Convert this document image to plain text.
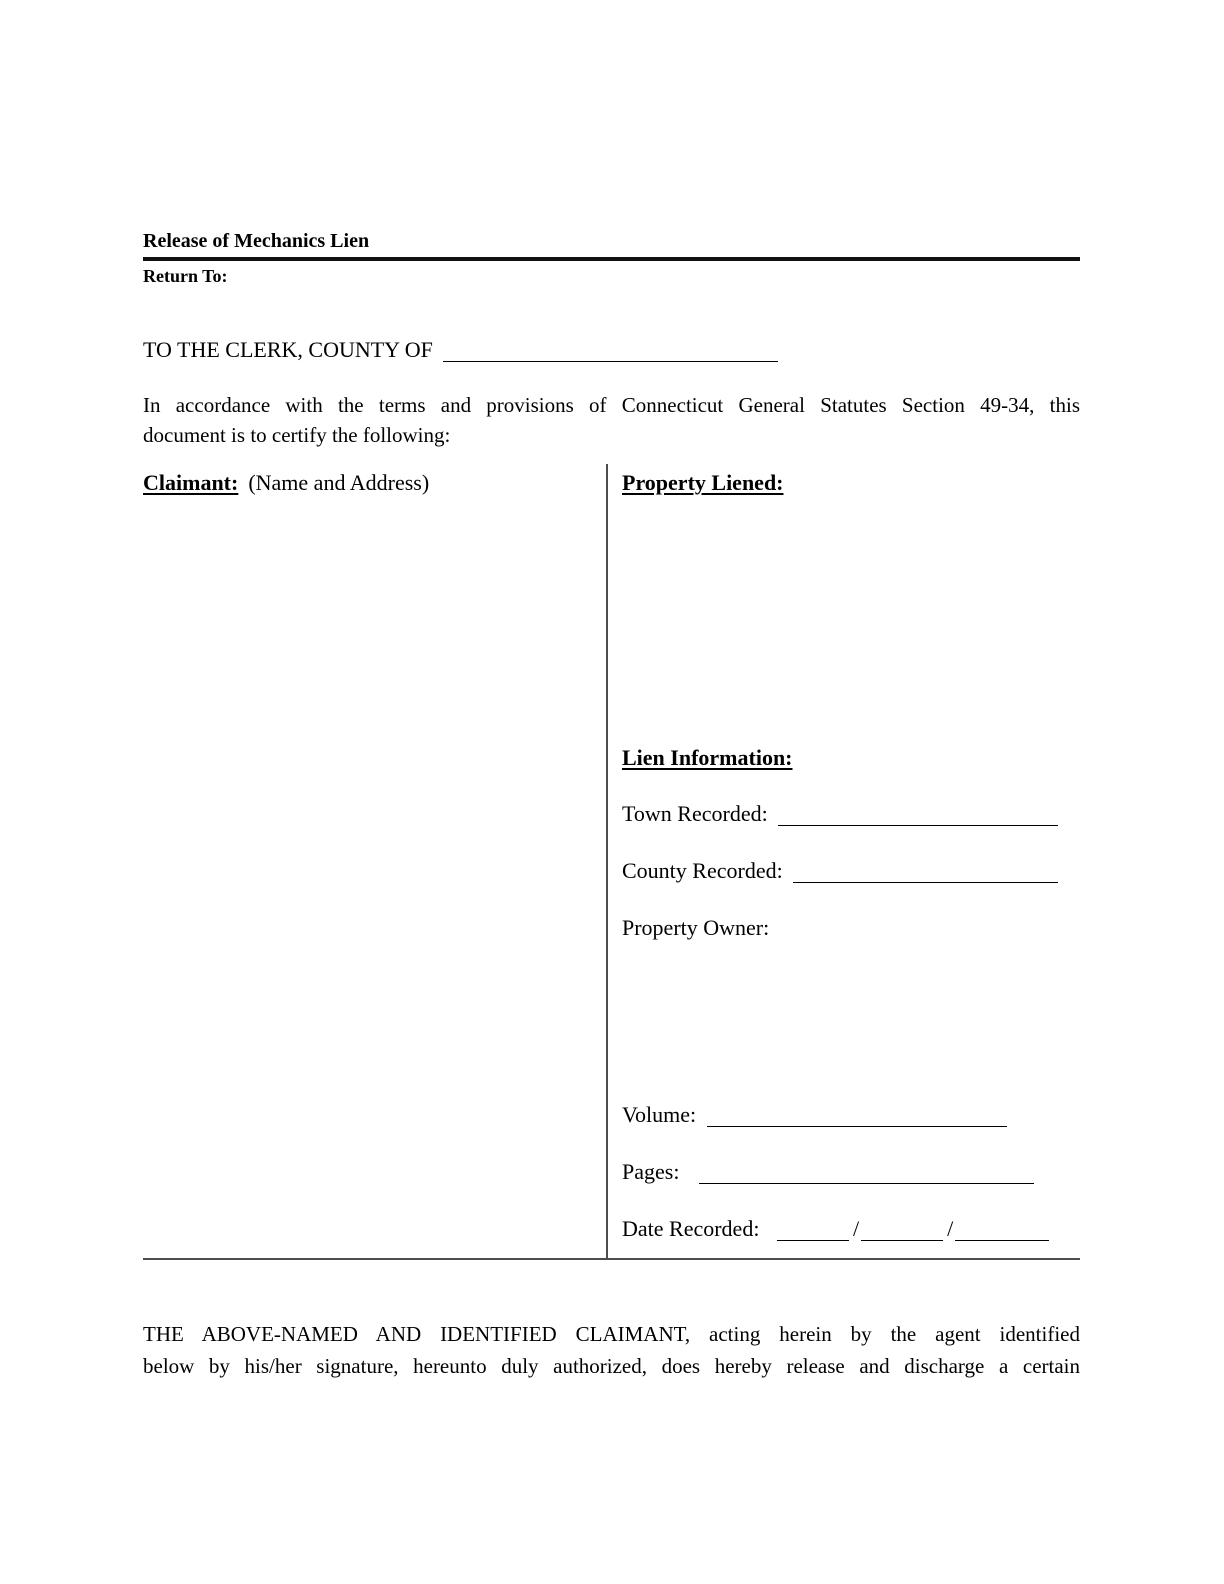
Release of Mechanics Lien
Return To:
TO THE CLERK, COUNTY OF
In accordance with the terms and provisions of Connecticut General Statutes Section 49-34, this
document is to certify the following:
Claimant: (Name and Address)	Property Liened:
Lien Information:
Town Recorded:
County Recorded:
Property Owner:
Volume:
Pages:
Date Recorded:	/	/
THE ABOVE-NAMED AND IDENTIFIED CLAIMANT, acting herein by the agent identified
below by his/her signature, hereunto duly authorized, does hereby release and discharge a certain
